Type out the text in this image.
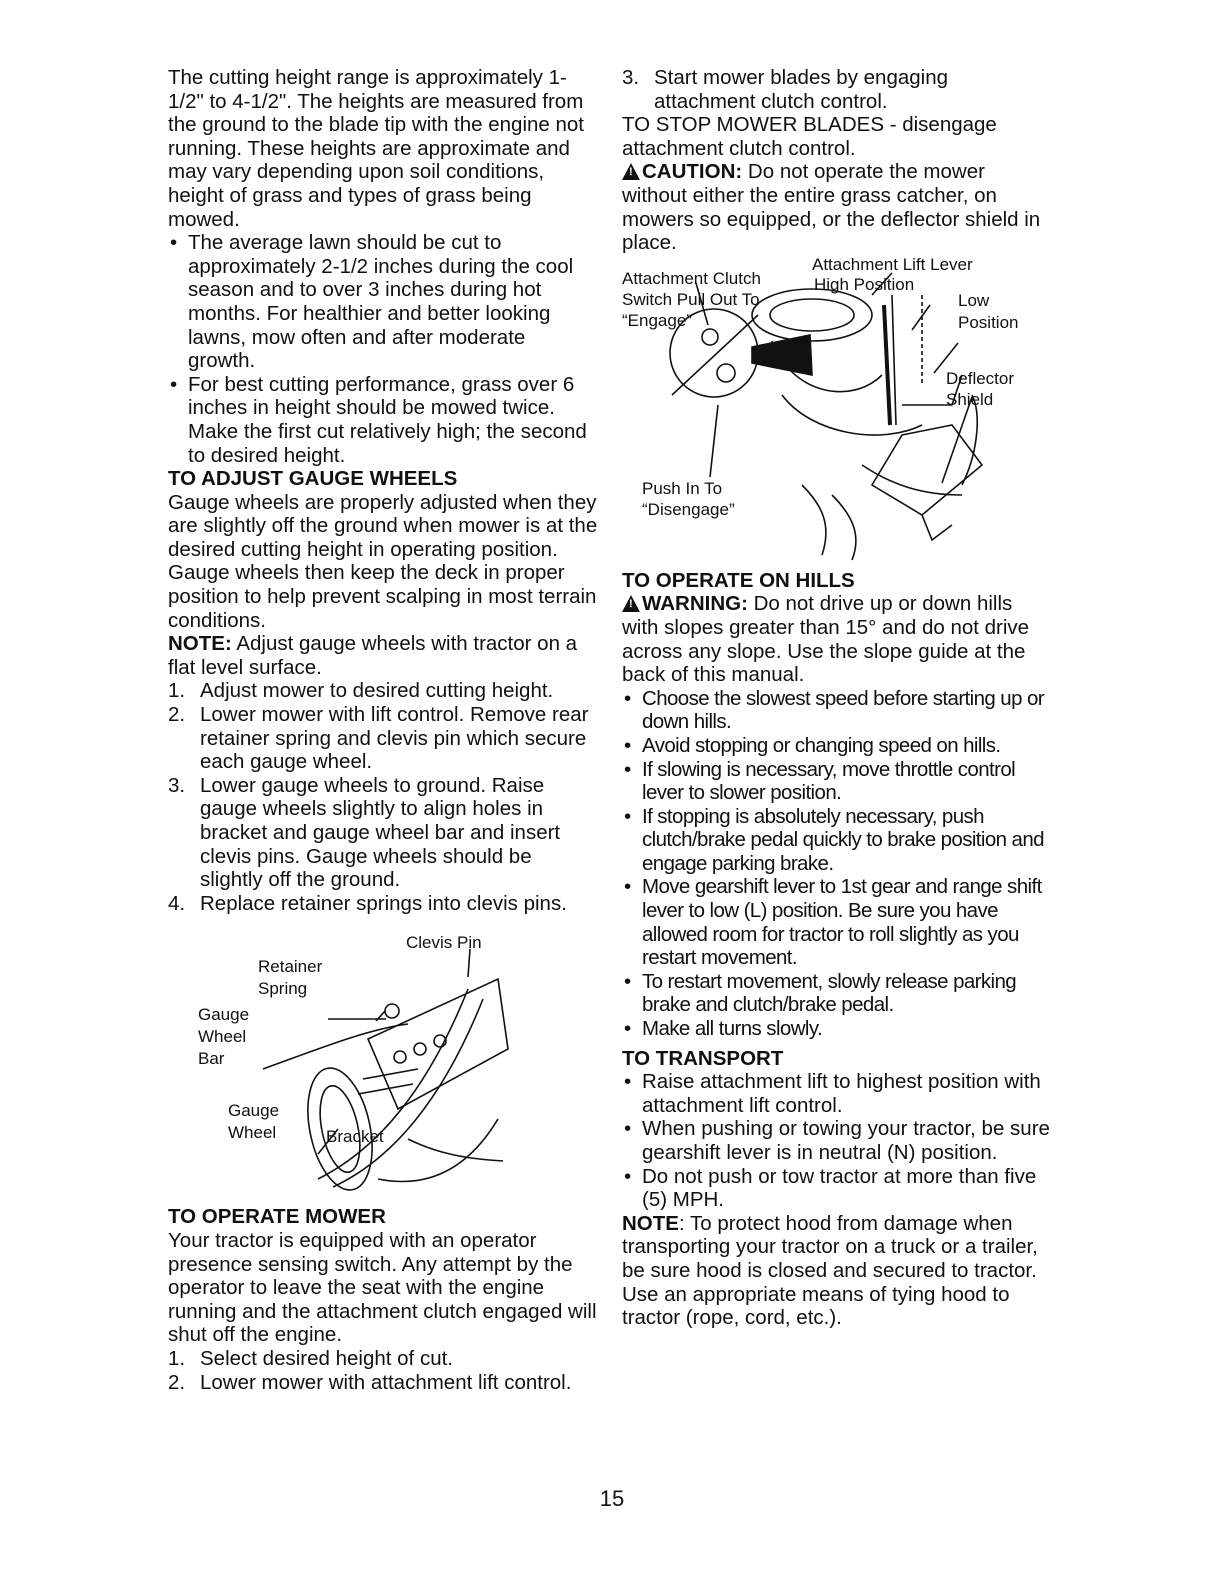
The cutting height range is approximately 1-1/2" to 4-1/2". The heights are measured from the ground to the blade tip with the engine not running. These heights are approximate and may vary depending upon soil conditions, height of grass and types of grass being mowed.

• The average lawn should be cut to approximately 2-1/2 inches during the cool season and to over 3 inches during hot months. For healthier and better looking lawns, mow often and after moderate growth.
• For best cutting performance, grass over 6 inches in height should be mowed twice. Make the first cut relatively high; the second to desired height.

TO ADJUST GAUGE WHEELS

Gauge wheels are properly adjusted when they are slightly off the ground when mower is at the desired cutting height in operating position. Gauge wheels then keep the deck in proper position to help prevent scalping in most terrain conditions.

NOTE: Adjust gauge wheels with tractor on a flat level surface.

1. Adjust mower to desired cutting height.
2. Lower mower with lift control. Remove rear retainer spring and clevis pin which secure each gauge wheel.
3. Lower gauge wheels to ground. Raise gauge wheels slightly to align holes in bracket and gauge wheel bar and insert clevis pins. Gauge wheels should be slightly off the ground.
4. Replace retainer springs into clevis pins.
Clevis Pin
Retainer
Spring
Gauge
Wheel
Bar
Gauge
Wheel	Bracket

TO OPERATE MOWER

Your tractor is equipped with an operator presence sensing switch. Any attempt by the operator to leave the seat with the engine running and the attachment clutch engaged will shut off the engine.

1. Select desired height of cut.
2. Lower mower with attachment lift control.
3. Start mower blades by engaging attachment clutch control.

TO STOP MOWER BLADES - disengage attachment clutch control.

!CAUTION: Do not operate the mower without either the entire grass catcher, on mowers so equipped, or the deflector shield in place.

Attachment Lift Lever
Attachment Clutch	High Position
Switch Pull Out To	Low
“Engage”	Position
Deflector
Shield
Push In To
“Disengage”

TO OPERATE ON HILLS

!WARNING: Do not drive up or down hills with slopes greater than 15° and do not drive across any slope. Use the slope guide at the back of this manual.

• Choose the slowest speed before starting up or down hills.
• Avoid stopping or changing speed on hills.
• If slowing is necessary, move throttle control lever to slower position.
• If stopping is absolutely necessary, push clutch/brake pedal quickly to brake position and engage parking brake.
• Move gearshift lever to 1st gear and range shift lever to low (L) position. Be sure you have allowed room for tractor to roll slightly as you restart movement.
• To restart movement, slowly release parking brake and clutch/brake pedal.
• Make all turns slowly.

TO TRANSPORT

• Raise attachment lift to highest position with attachment lift control.
• When pushing or towing your tractor, be sure gearshift lever is in neutral (N) position.
• Do not push or tow tractor at more than five (5) MPH.

NOTE: To protect hood from damage when transporting your tractor on a truck or a trailer, be sure hood is closed and secured to tractor. Use an appropriate means of tying hood to tractor (rope, cord, etc.).

15
